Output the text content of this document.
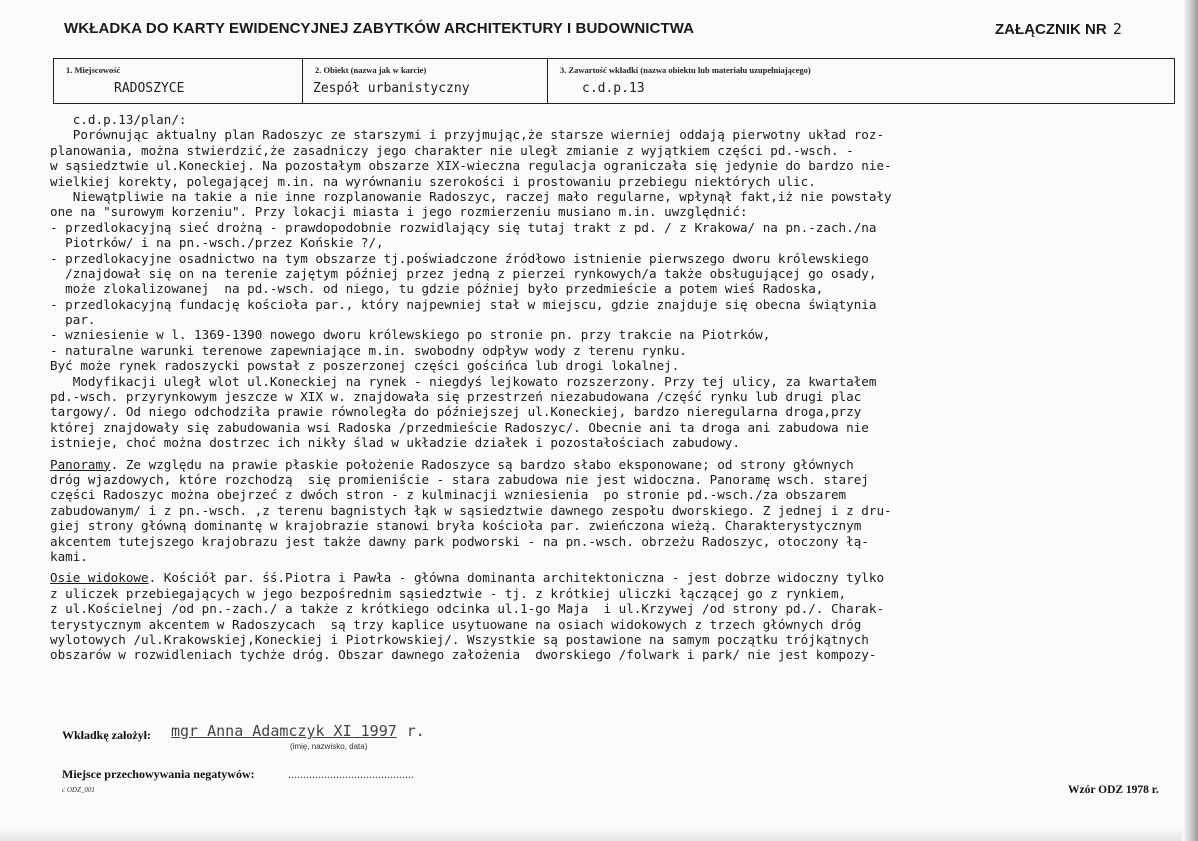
WKŁADKA DO KARTY EWIDENCYJNEJ ZABYTKÓW ARCHITEKTURY I BUDOWNICTWA	ZAŁĄCZNIK NR 2
1. Miejscowość
RADOSZYCE
2. Obiekt (nazwa jak w karcie)
Zespół urbanistyczny
3. Zawartość wkładki (nazwa obiektu lub materiału uzupełniającego)
c.d.p.13
c.d.p.13/plan/:
Porównując aktualny plan Radoszyc ze starszymi i przyjmując,że starsze wierniej oddają pierwotny układ roz-
planowania, można stwierdzić,że zasadniczy jego charakter nie uległ zmianie z wyjątkiem części pd.-wsch. -
w sąsiedztwie ul.Koneckiej. Na pozostałym obszarze XIX-wieczna regulacja ograniczała się jedynie do bardzo nie-
wielkiej korekty, polegającej m.in. na wyrównaniu szerokości i prostowaniu przebiegu niektórych ulic.
Niewątpliwie na takie a nie inne rozplanowanie Radoszyc, raczej mało regularne, wpłynął fakt,iż nie powstały
one na "surowym korzeniu". Przy lokacji miasta i jego rozmierzeniu musiano m.in. uwzględnić:
- przedlokacyjną sieć drożną - prawdopodobnie rozwidlający się tutaj trakt z pd. / z Krakowa/ na pn.-zach./na
Piotrków/ i na pn.-wsch./przez Końskie ?/,
- przedlokacyjne osadnictwo na tym obszarze tj.poświadczone źródłowo istnienie pierwszego dworu królewskiego
/znajdował się on na terenie zajętym później przez jedną z pierzei rynkowych/a także obsługującej go osady,
może zlokalizowanej  na pd.-wsch. od niego, tu gdzie później było przedmieście a potem wieś Radoska,
- przedlokacyjną fundację kościoła par., który najpewniej stał w miejscu, gdzie znajduje się obecna świątynia
par.
- wzniesienie w l. 1369-1390 nowego dworu królewskiego po stronie pn. przy trakcie na Piotrków,
- naturalne warunki terenowe zapewniające m.in. swobodny odpływ wody z terenu rynku.
Być może rynek radoszycki powstał z poszerzonej części gościńca lub drogi lokalnej.
Modyfikacji uległ wlot ul.Koneckiej na rynek - niegdyś lejkowato rozszerzony. Przy tej ulicy, za kwartałem
pd.-wsch. przyrynkowym jeszcze w XIX w. znajdowała się przestrzeń niezabudowana /część rynku lub drugi plac
targowy/. Od niego odchodziła prawie równoległa do późniejszej ul.Koneckiej, bardzo nieregularna droga,przy
której znajdowały się zabudowania wsi Radoska /przedmieście Radoszyc/. Obecnie ani ta droga ani zabudowa nie
istnieje, choć można dostrzec ich nikły ślad w układzie działek i pozostałościach zabudowy.
Panoramy. Ze względu na prawie płaskie położenie Radoszyce są bardzo słabo eksponowane; od strony głównych
dróg wjazdowych, które rozchodzą  się promieniście - stara zabudowa nie jest widoczna. Panoramę wsch. starej
części Radoszyc można obejrzeć z dwóch stron - z kulminacji wzniesienia  po stronie pd.-wsch./za obszarem
zabudowanym/ i z pn.-wsch. ,z terenu bagnistych łąk w sąsiedztwie dawnego zespołu dworskiego. Z jednej i z dru-
giej strony główną dominantę w krajobrazie stanowi bryła kościoła par. zwieńczona wieżą. Charakterystycznym
akcentem tutejszego krajobrazu jest także dawny park podworski - na pn.-wsch. obrzeżu Radoszyc, otoczony łą-
kami.
Osie widokowe. Kościół par. śś.Piotra i Pawła - główna dominanta architektoniczna - jest dobrze widoczny tylko
z uliczek przebiegających w jego bezpośrednim sąsiedztwie - tj. z krótkiej uliczki łączącej go z rynkiem,
z ul.Kościelnej /od pn.-zach./ a także z krótkiego odcinka ul.1-go Maja  i ul.Krzywej /od strony pd./. Charak-
terystycznym akcentem w Radoszycach  są trzy kaplice usytuowane na osiach widokowych z trzech głównych dróg
wylotowych /ul.Krakowskiej,Koneckiej i Piotrkowskiej/. Wszystkie są postawione na samym początku trójkątnych
obszarów w rozwidleniach tychże dróg. Obszar dawnego założenia  dworskiego /folwark i park/ nie jest kompozy-
Wkładkę założył: mgr Anna Adamczyk XI 1997 r.
(imię, nazwisko, data)
Miejsce przechowywania negatywów:	..........................................
c ODZ_001	Wzór ODZ 1978 r.
